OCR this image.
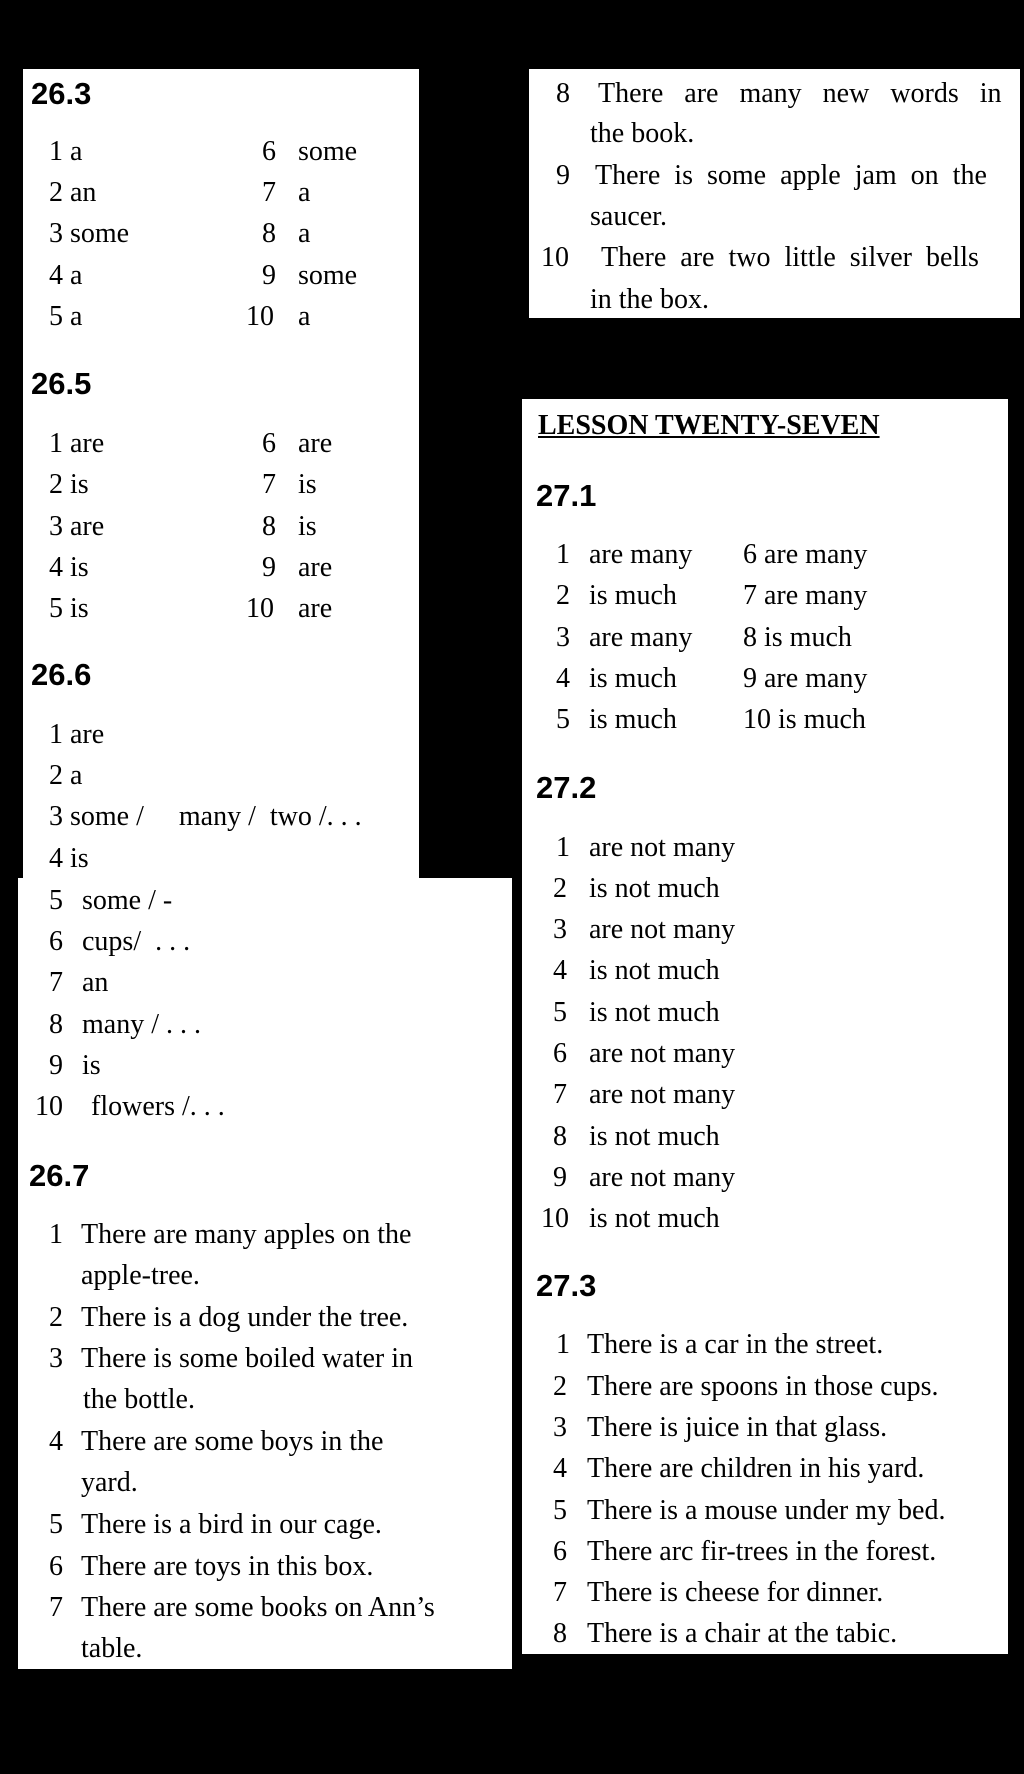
26.3
1 a
2 an
3 some
4 a
5 a
6
7
8
9
10
some
a
a
some
a
26.5
1 are
2 is
3 are
4 is
5 is
6
7
8
9
10
are
is
is
are
are
26.6
1 are
2 a
3 some /     many /  two /. . .
4 is
5
6
7
8
9
10
some / -
cups/  . . .
an
many / . . .
is
flowers /. . .
26.7
1
2
3
4
5
6
7
There are many apples on the
apple-tree.
There is a dog under the tree.
There is some boiled water in
the bottle.
There are some boys in the
yard.
There is a bird in our cage.
There are toys in this box.
There are some books on Ann’s
table.
8
9
10
There   are   many   new   words   in
the book.
There  is  some  apple  jam  on  the
saucer.
There  are  two  little  silver  bells
in the box.
LESSON TWENTY-SEVEN
27.1
1
2
3
4
5
are many
is much
are many
is much
is much
6 are many
7 are many
8 is much
9 are many
10 is much
27.2
1
2
3
4
5
6
7
8
9
10
are not many
is not much
are not many
is not much
is not much
are not many
are not many
is not much
are not many
is not much
27.3
1
2
3
4
5
6
7
8
There is a car in the street.
There are spoons in those cups.
There is juice in that glass.
There are children in his yard.
There is a mouse under my bed.
There arc fir-trees in the forest.
There is cheese for dinner.
There is a chair at the tabic.
